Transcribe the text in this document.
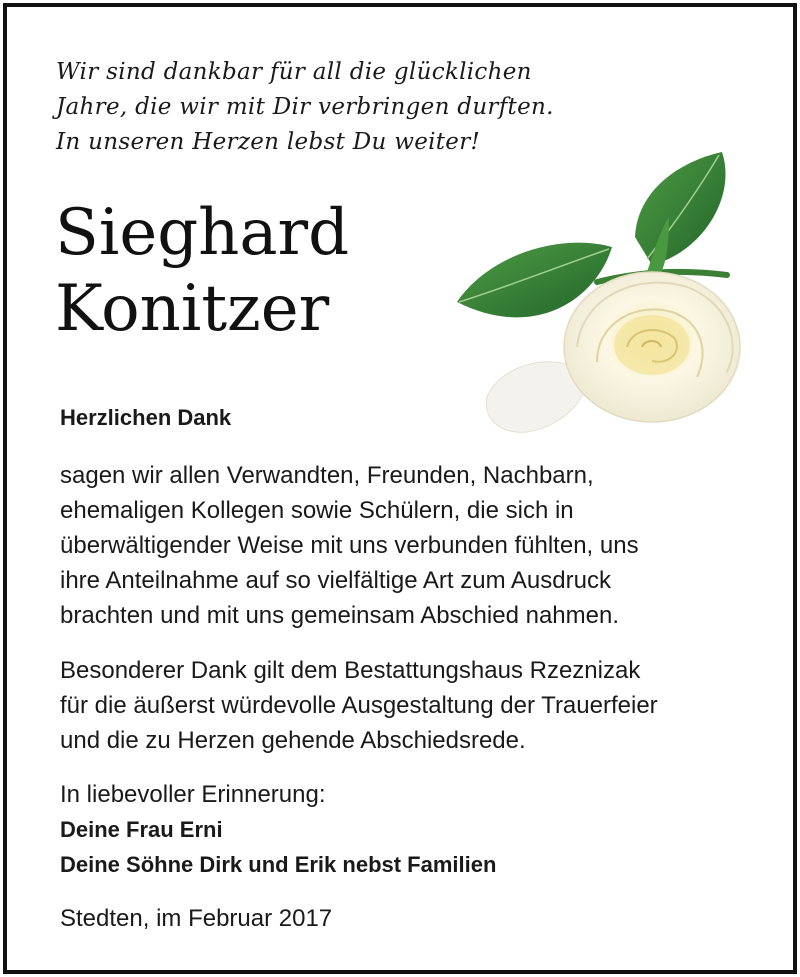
Wir sind dankbar für all die glücklichen
Jahre, die wir mit Dir verbringen durften.
In unseren Herzen lebst Du weiter!
Sieghard
Konitzer
Herzlichen Dank
sagen wir allen Verwandten, Freunden, Nachbarn,
ehemaligen Kollegen sowie Schülern, die sich in
überwältigender Weise mit uns verbunden fühlten, uns
ihre Anteilnahme auf so vielfältige Art zum Ausdruck
brachten und mit uns gemeinsam Abschied nahmen.
Besonderer Dank gilt dem Bestattungshaus Rzeznizak
für die äußerst würdevolle Ausgestaltung der Trauerfeier
und die zu Herzen gehende Abschiedsrede.
In liebevoller Erinnerung:
Deine Frau Erni
Deine Söhne Dirk und Erik nebst Familien
Stedten, im Februar 2017
